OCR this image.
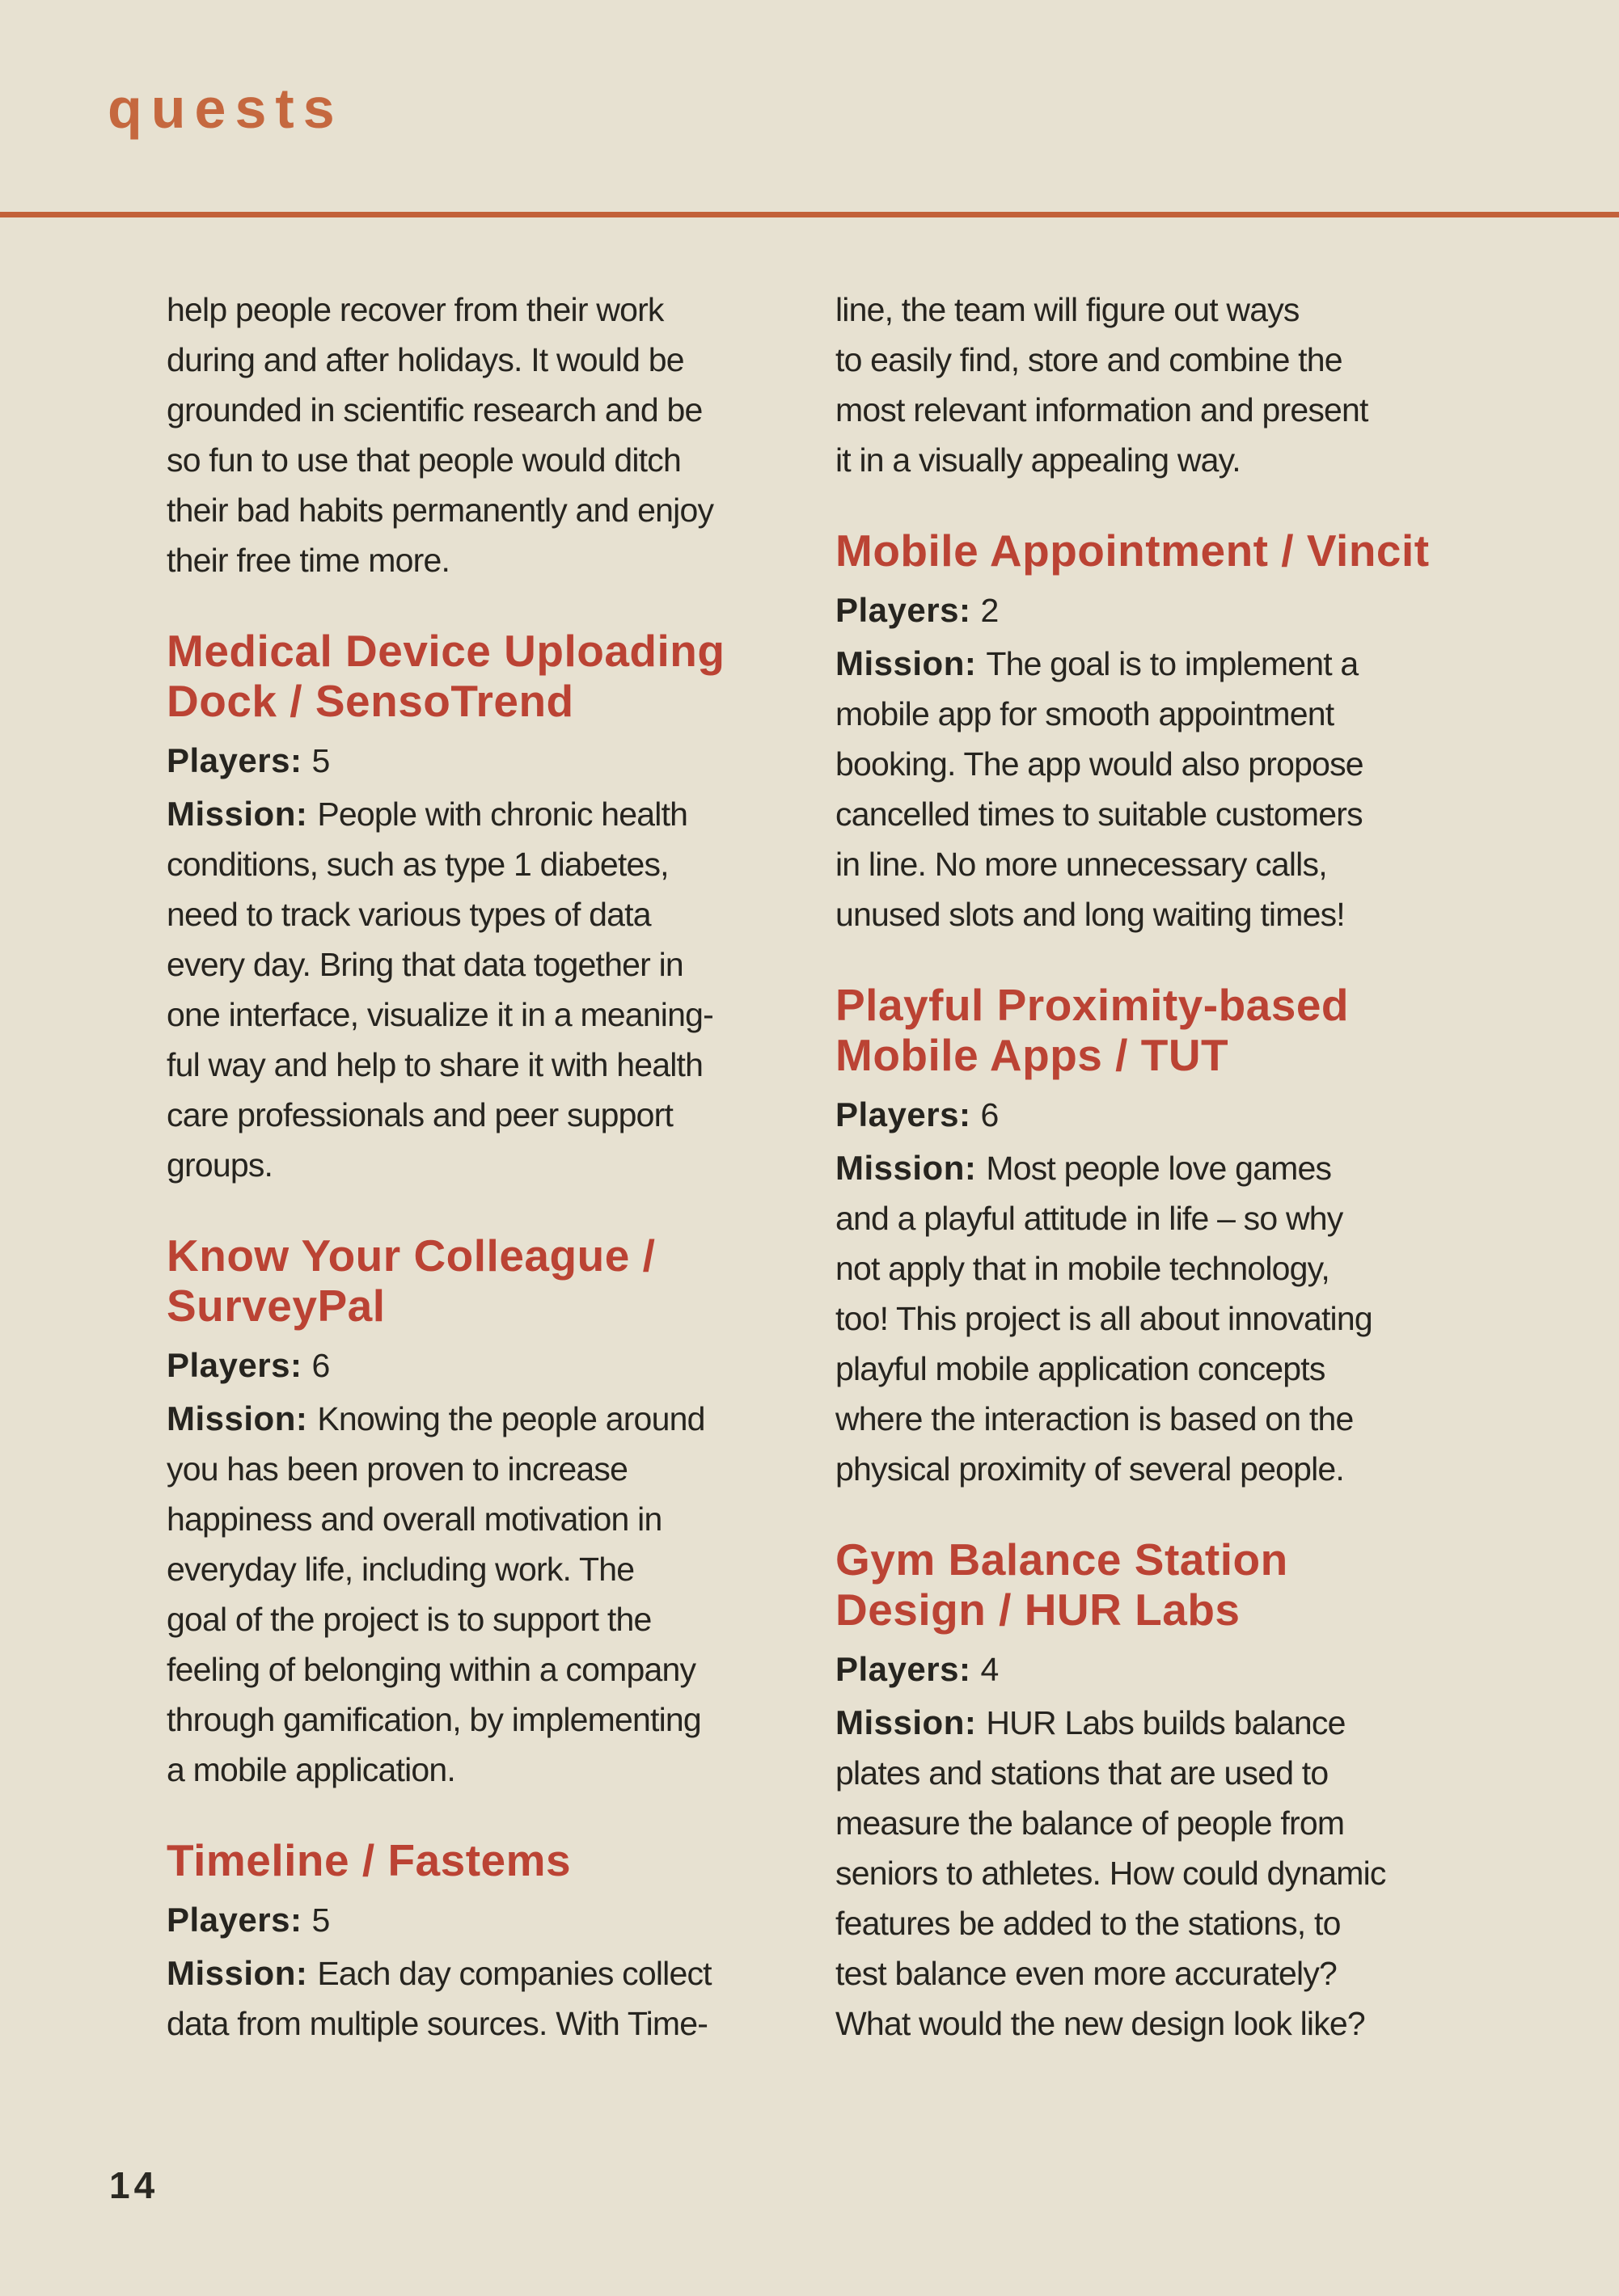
quests
help people recover from their work
during and after holidays. It would be
grounded in scientific research and be
so fun to use that people would ditch
their bad habits permanently and enjoy
their free time more.
Medical Device Uploading
Dock / SensoTrend
Players: 5
Mission: People with chronic health
conditions, such as type 1 diabetes,
need to track various types of data
every day. Bring that data together in
one interface, visualize it in a meaning-
ful way and help to share it with health
care professionals and peer support
groups.
Know Your Colleague /
SurveyPal
Players: 6
Mission: Knowing the people around
you has been proven to increase
happiness and overall motivation in
everyday life, including work. The
goal of the project is to support the
feeling of belonging within a company
through gamification, by implementing
a mobile application.
Timeline / Fastems
Players: 5
Mission: Each day companies collect
data from multiple sources. With Time-
line, the team will figure out ways
to easily find, store and combine the
most relevant information and present
it in a visually appealing way.
Mobile Appointment / Vincit
Players: 2
Mission: The goal is to implement a
mobile app for smooth appointment
booking. The app would also propose
cancelled times to suitable customers
in line. No more unnecessary calls,
unused slots and long waiting times!
Playful Proximity-based
Mobile Apps / TUT
Players: 6
Mission: Most people love games
and a playful attitude in life – so why
not apply that in mobile technology,
too! This project is all about innovating
playful mobile application concepts
where the interaction is based on the
physical proximity of several people.
Gym Balance Station
Design / HUR Labs
Players: 4
Mission: HUR Labs builds balance
plates and stations that are used to
measure the balance of people from
seniors to athletes. How could dynamic
features be added to the stations, to
test balance even more accurately?
What would the new design look like?
14
